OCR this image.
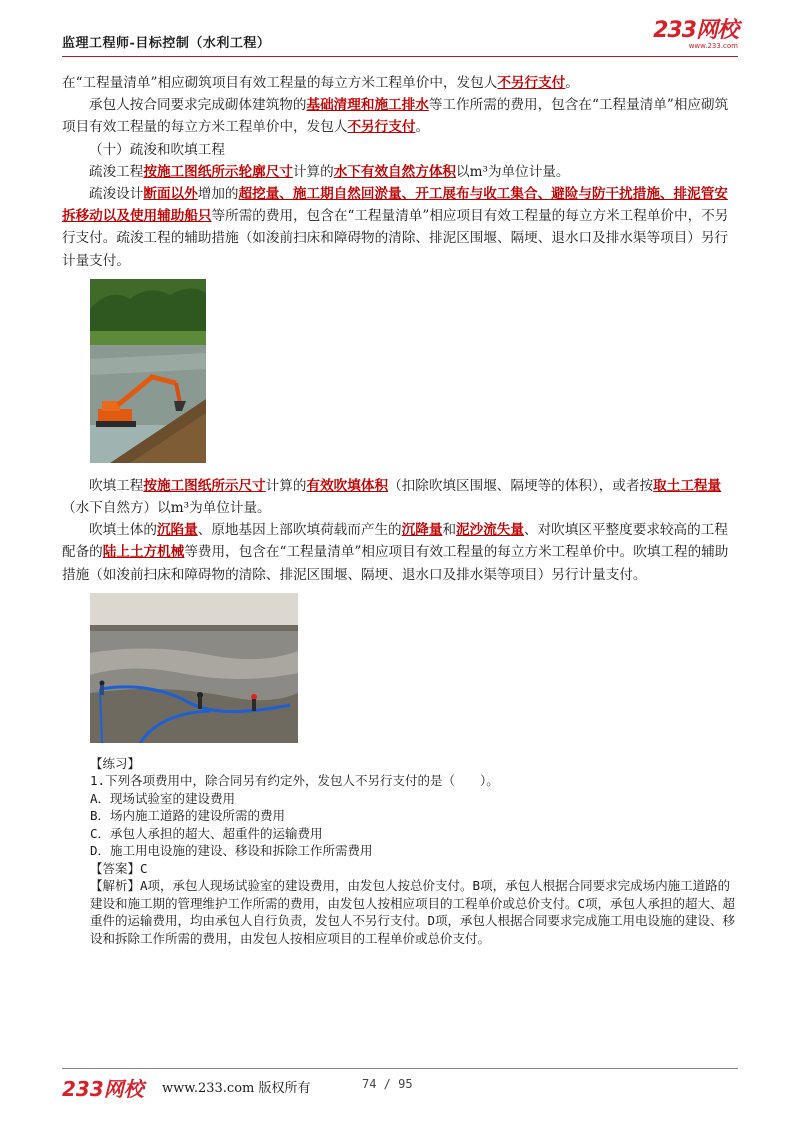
监理工程师-目标控制（水利工程）
233网校
www.233.com

在“工程量清单”相应砌筑项目有效工程量的每立方米工程单价中，发包人不另行支付。

承包人按合同要求完成砌体建筑物的基础清理和施工排水等工作所需的费用，包含在“工程量清单”相应砌筑项目有效工程量的每立方米工程单价中，发包人不另行支付。

（十）疏浚和吹填工程

疏浚工程按施工图纸所示轮廓尺寸计算的水下有效自然方体积以m³为单位计量。

疏浚设计断面以外增加的超挖量、施工期自然回淤量、开工展布与收工集合、避险与防干扰措施、排泥管安拆移动以及使用辅助船只等所需的费用，包含在“工程量清单”相应项目有效工程量的每立方米工程单价中，不另行支付。疏浚工程的辅助措施（如浚前扫床和障碍物的清除、排泥区围堰、隔埂、退水口及排水渠等项目）另行计量支付。

吹填工程按施工图纸所示尺寸计算的有效吹填体积（扣除吹填区围堰、隔埂等的体积），或者按取土工程量（水下自然方）以m³为单位计量。

吹填土体的沉陷量、原地基因上部吹填荷载而产生的沉降量和泥沙流失量、对吹填区平整度要求较高的工程配备的陆上土方机械等费用，包含在“工程量清单”相应项目有效工程量的每立方米工程单价中。吹填工程的辅助措施（如浚前扫床和障碍物的清除、排泥区围堰、隔埂、退水口及排水渠等项目）另行计量支付。

【练习】

1.下列各项费用中，除合同另有约定外，发包人不另行支付的是（　　）。

A．现场试验室的建设费用

B．场内施工道路的建设所需的费用

C．承包人承担的超大、超重件的运输费用

D．施工用电设施的建设、移设和拆除工作所需费用

【答案】C

【解析】A项，承包人现场试验室的建设费用，由发包人按总价支付。B项，承包人根据合同要求完成场内施工道路的建设和施工期的管理维护工作所需的费用，由发包人按相应项目的工程单价或总价支付。C项，承包人承担的超大、超重件的运输费用，均由承包人自行负责，发包人不另行支付。D项，承包人根据合同要求完成施工用电设施的建设、移设和拆除工作所需的费用，由发包人按相应项目的工程单价或总价支付。

233网校 www.233.com 版权所有	74 / 95
